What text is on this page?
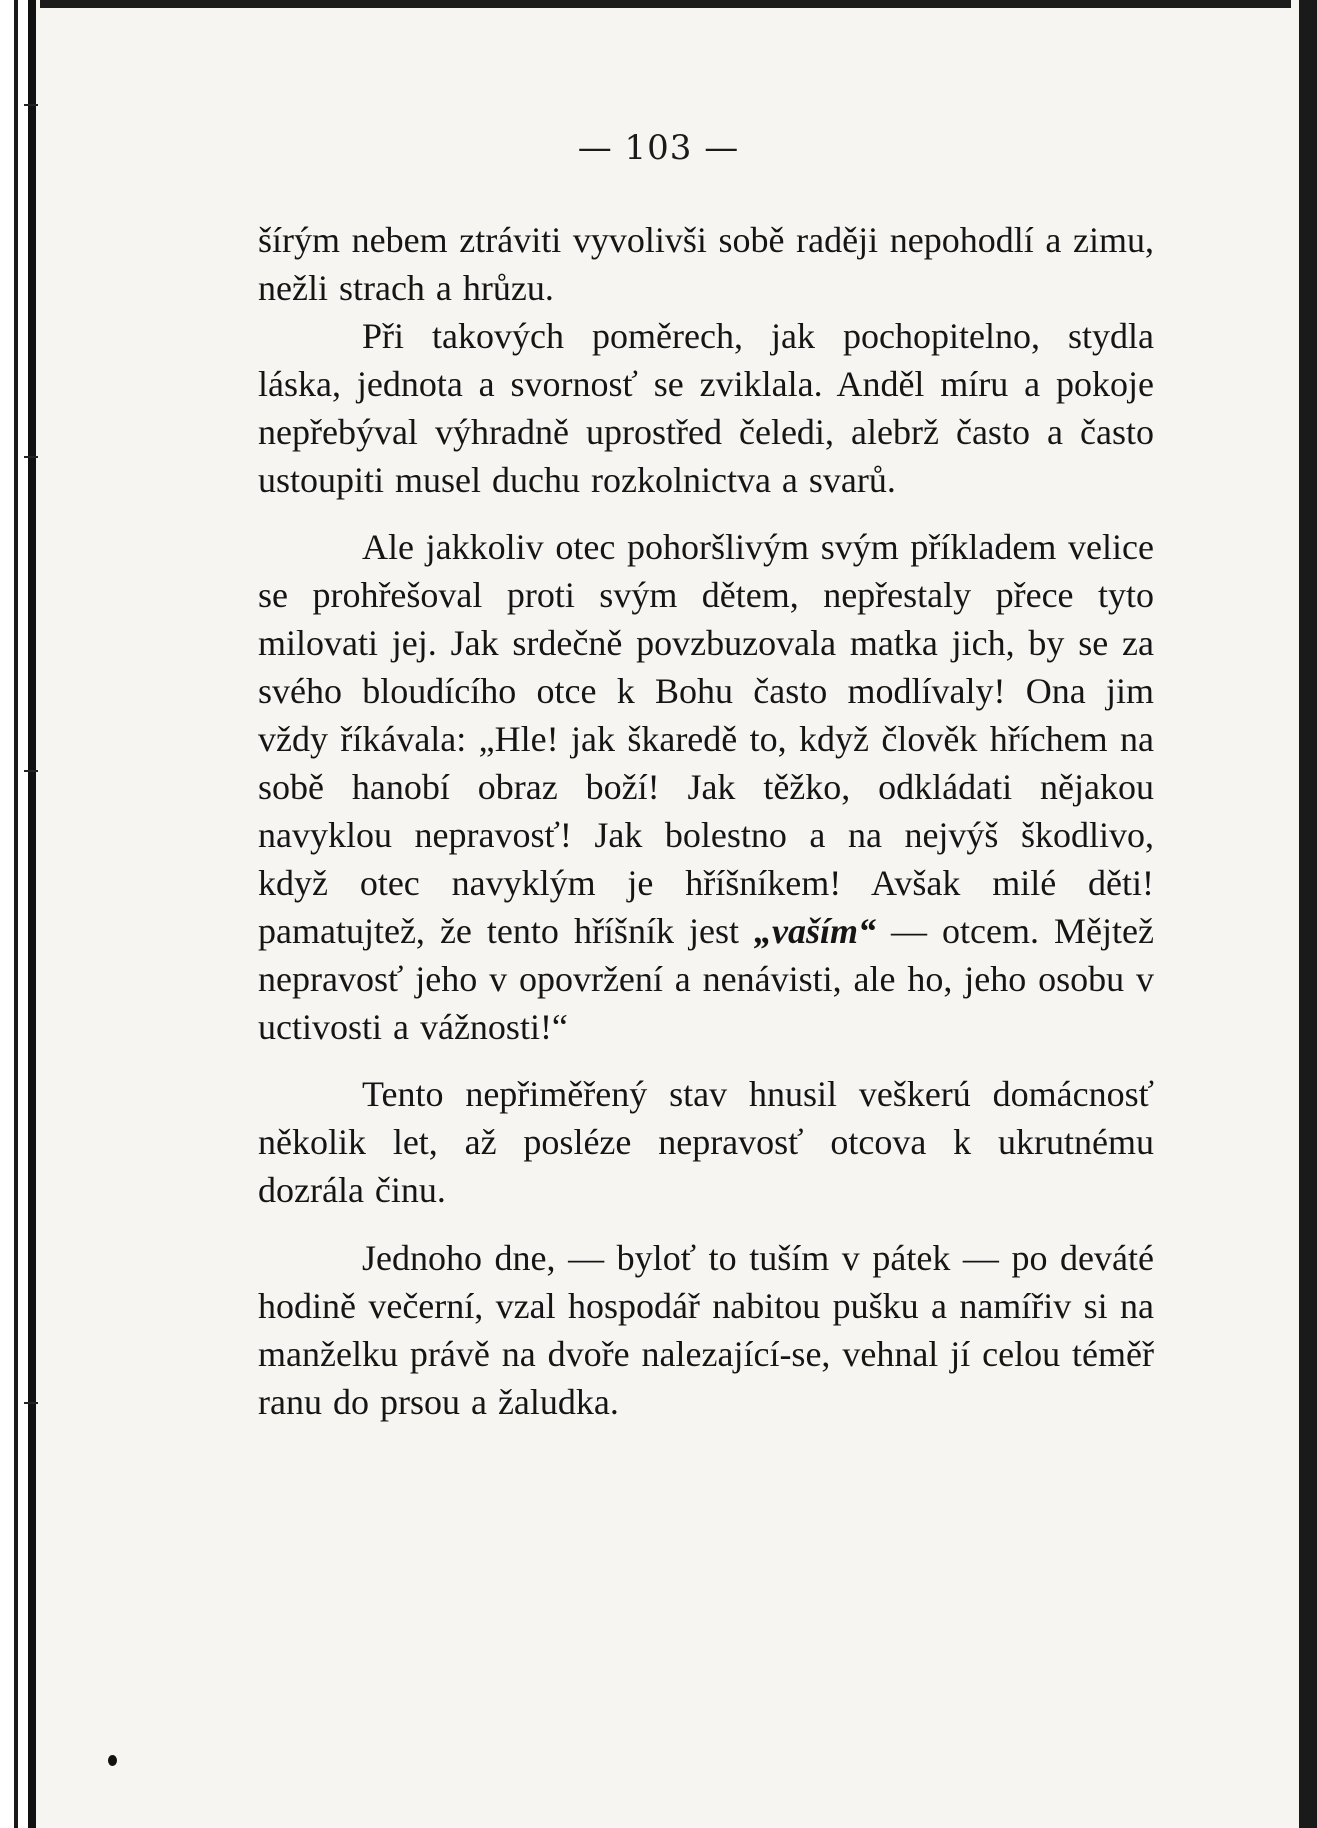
— 103 —

šírým nebem ztráviti vyvolivši sobě raději nepohodlí a zimu, nežli strach a hrůzu.

Při takových poměrech, jak pochopitelno, stydla láska, jednota a svornosť se zviklala. Anděl míru a pokoje nepřebýval výhradně uprostřed čeledi, alebrž často a často ustoupiti musel duchu rozkolnictva a svarů.

Ale jakkoliv otec pohoršlivým svým příkladem velice se prohřešoval proti svým dětem, nepřestaly přece tyto milovati jej. Jak srdečně povzbuzovala matka jich, by se za svého bloudícího otce k Bohu často modlívaly! Ona jim vždy říkávala: „Hle! jak škaredě to, když člověk hříchem na sobě hanobí obraz boží! Jak těžko, odkládati nějakou navyklou nepravosť! Jak bolestno a na nejvýš škodlivo, když otec navyklým je hříšníkem! Avšak milé děti! pamatujtež, že tento hříšník jest „vaším“ — otcem. Mějtež nepravosť jeho v opovržení a nenávisti, ale ho, jeho osobu v uctivosti a vážnosti!“

Tento nepřiměřený stav hnusil veškerú domácnosť několik let, až posléze nepravosť otcova k ukrutnému dozrála činu.

Jednoho dne, — byloť to tuším v pátek — po deváté hodině večerní, vzal hospodář nabitou pušku a namířiv si na manželku právě na dvoře nalezající-se, vehnal jí celou téměř ranu do prsou a žaludka.
